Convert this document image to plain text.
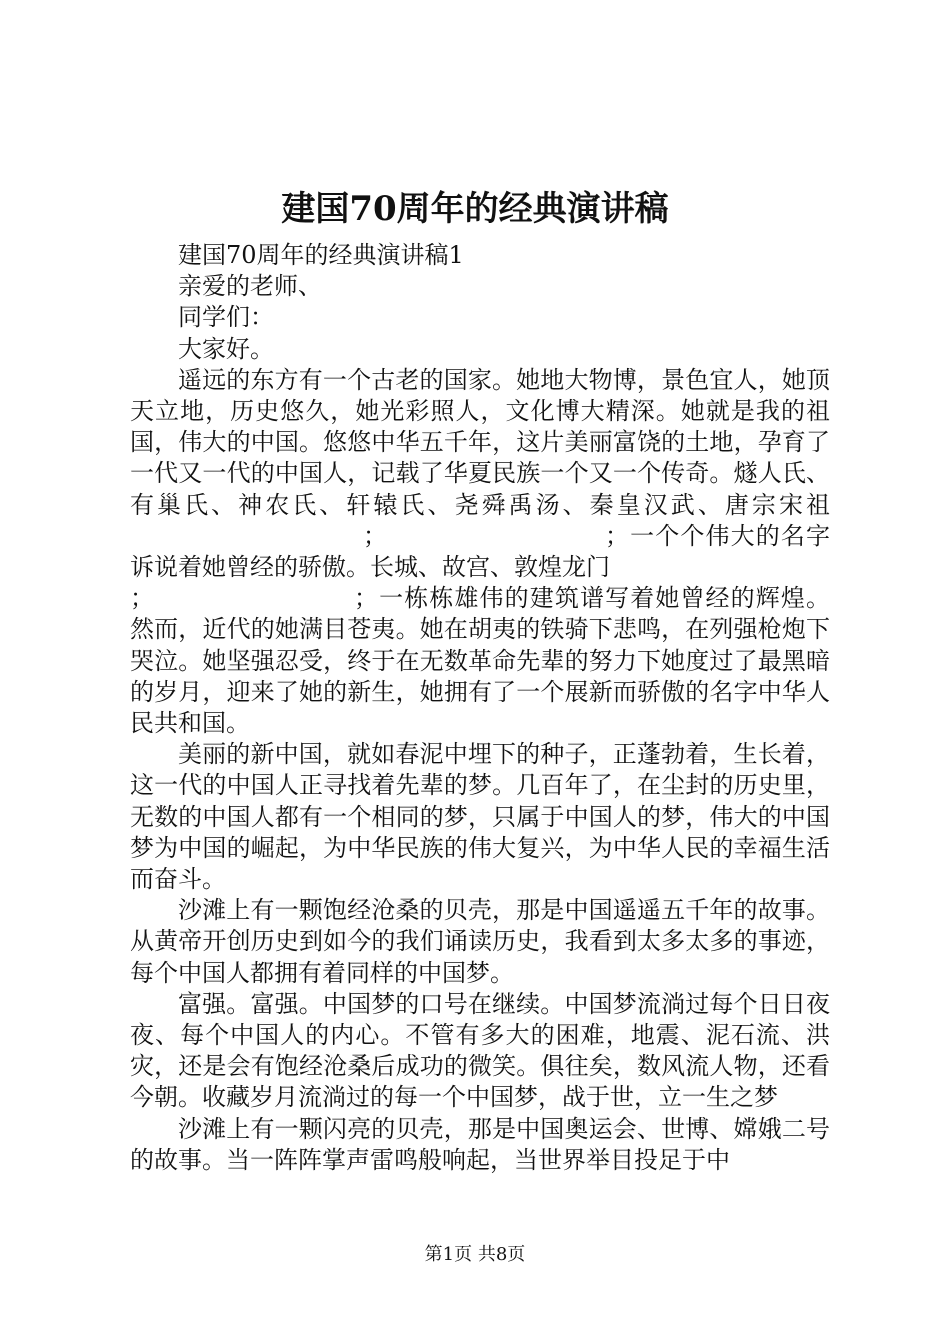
建国70周年的经典演讲稿

建国70周年的经典演讲稿1

亲爱的老师、

同学们：

大家好。

遥远的东方有一个古老的国家。她地大物博，景色宜人，她顶天立地，历史悠久，她光彩照人，文化博大精深。她就是我的祖国，伟大的中国。悠悠中华五千年，这片美丽富饶的土地，孕育了一代又一代的中国人，记载了华夏民族一个又一个传奇。燧人氏、有巢氏、神农氏、轩辕氏、尧舜禹汤、秦皇汉武、唐宗宋祖；	；一个个伟大的名字诉说着她曾经的骄傲。长城、故宫、敦煌龙门

；	；一栋栋雄伟的建筑谱写着她曾经的辉煌。然而，近代的她满目苍夷。她在胡夷的铁骑下悲鸣，在列强枪炮下哭泣。她坚强忍受，终于在无数革命先辈的努力下她度过了最黑暗的岁月，迎来了她的新生，她拥有了一个展新而骄傲的名字中华人民共和国。

美丽的新中国，就如春泥中埋下的种子，正蓬勃着，生长着，这一代的中国人正寻找着先辈的梦。几百年了，在尘封的历史里，无数的中国人都有一个相同的梦，只属于中国人的梦，伟大的中国梦为中国的崛起，为中华民族的伟大复兴，为中华人民的幸福生活而奋斗。

沙滩上有一颗饱经沧桑的贝壳，那是中国遥遥五千年的故事。从黄帝开创历史到如今的我们诵读历史，我看到太多太多的事迹，每个中国人都拥有着同样的中国梦。

富强。富强。中国梦的口号在继续。中国梦流淌过每个日日夜夜、每个中国人的内心。不管有多大的困难，地震、泥石流、洪灾，还是会有饱经沧桑后成功的微笑。俱往矣，数风流人物，还看今朝。收藏岁月流淌过的每一个中国梦，战于世，立一生之梦

沙滩上有一颗闪亮的贝壳，那是中国奥运会、世博、嫦娥二号的故事。当一阵阵掌声雷鸣般响起，当世界举目投足于中

第1页 共8页
